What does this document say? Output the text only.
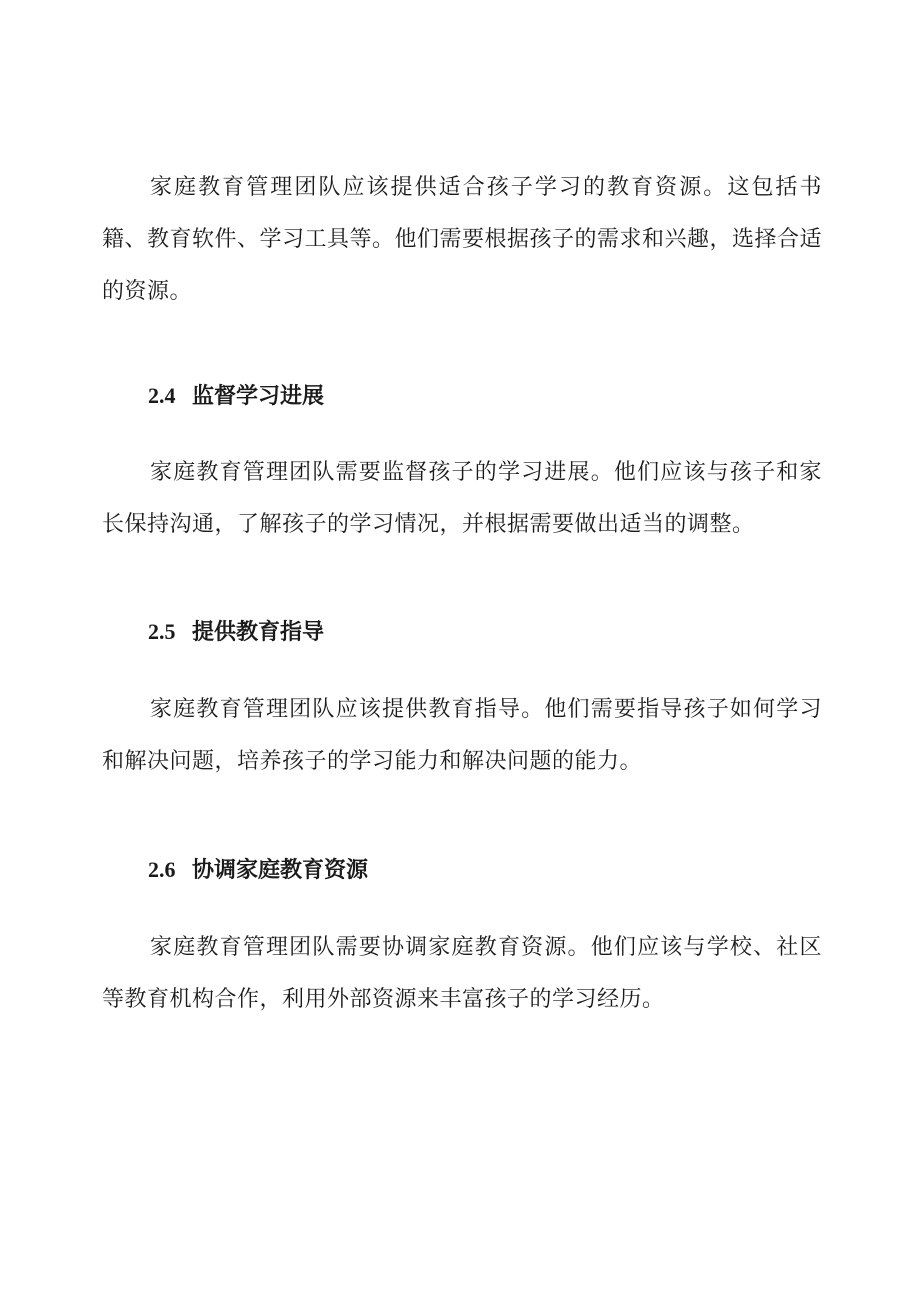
家庭教育管理团队应该提供适合孩子学习的教育资源。这包括书籍、教育软件、学习工具等。他们需要根据孩子的需求和兴趣，选择合适的资源。

2.4 监督学习进展

家庭教育管理团队需要监督孩子的学习进展。他们应该与孩子和家长保持沟通，了解孩子的学习情况，并根据需要做出适当的调整。

2.5 提供教育指导

家庭教育管理团队应该提供教育指导。他们需要指导孩子如何学习和解决问题，培养孩子的学习能力和解决问题的能力。

2.6 协调家庭教育资源

家庭教育管理团队需要协调家庭教育资源。他们应该与学校、社区等教育机构合作，利用外部资源来丰富孩子的学习经历。
